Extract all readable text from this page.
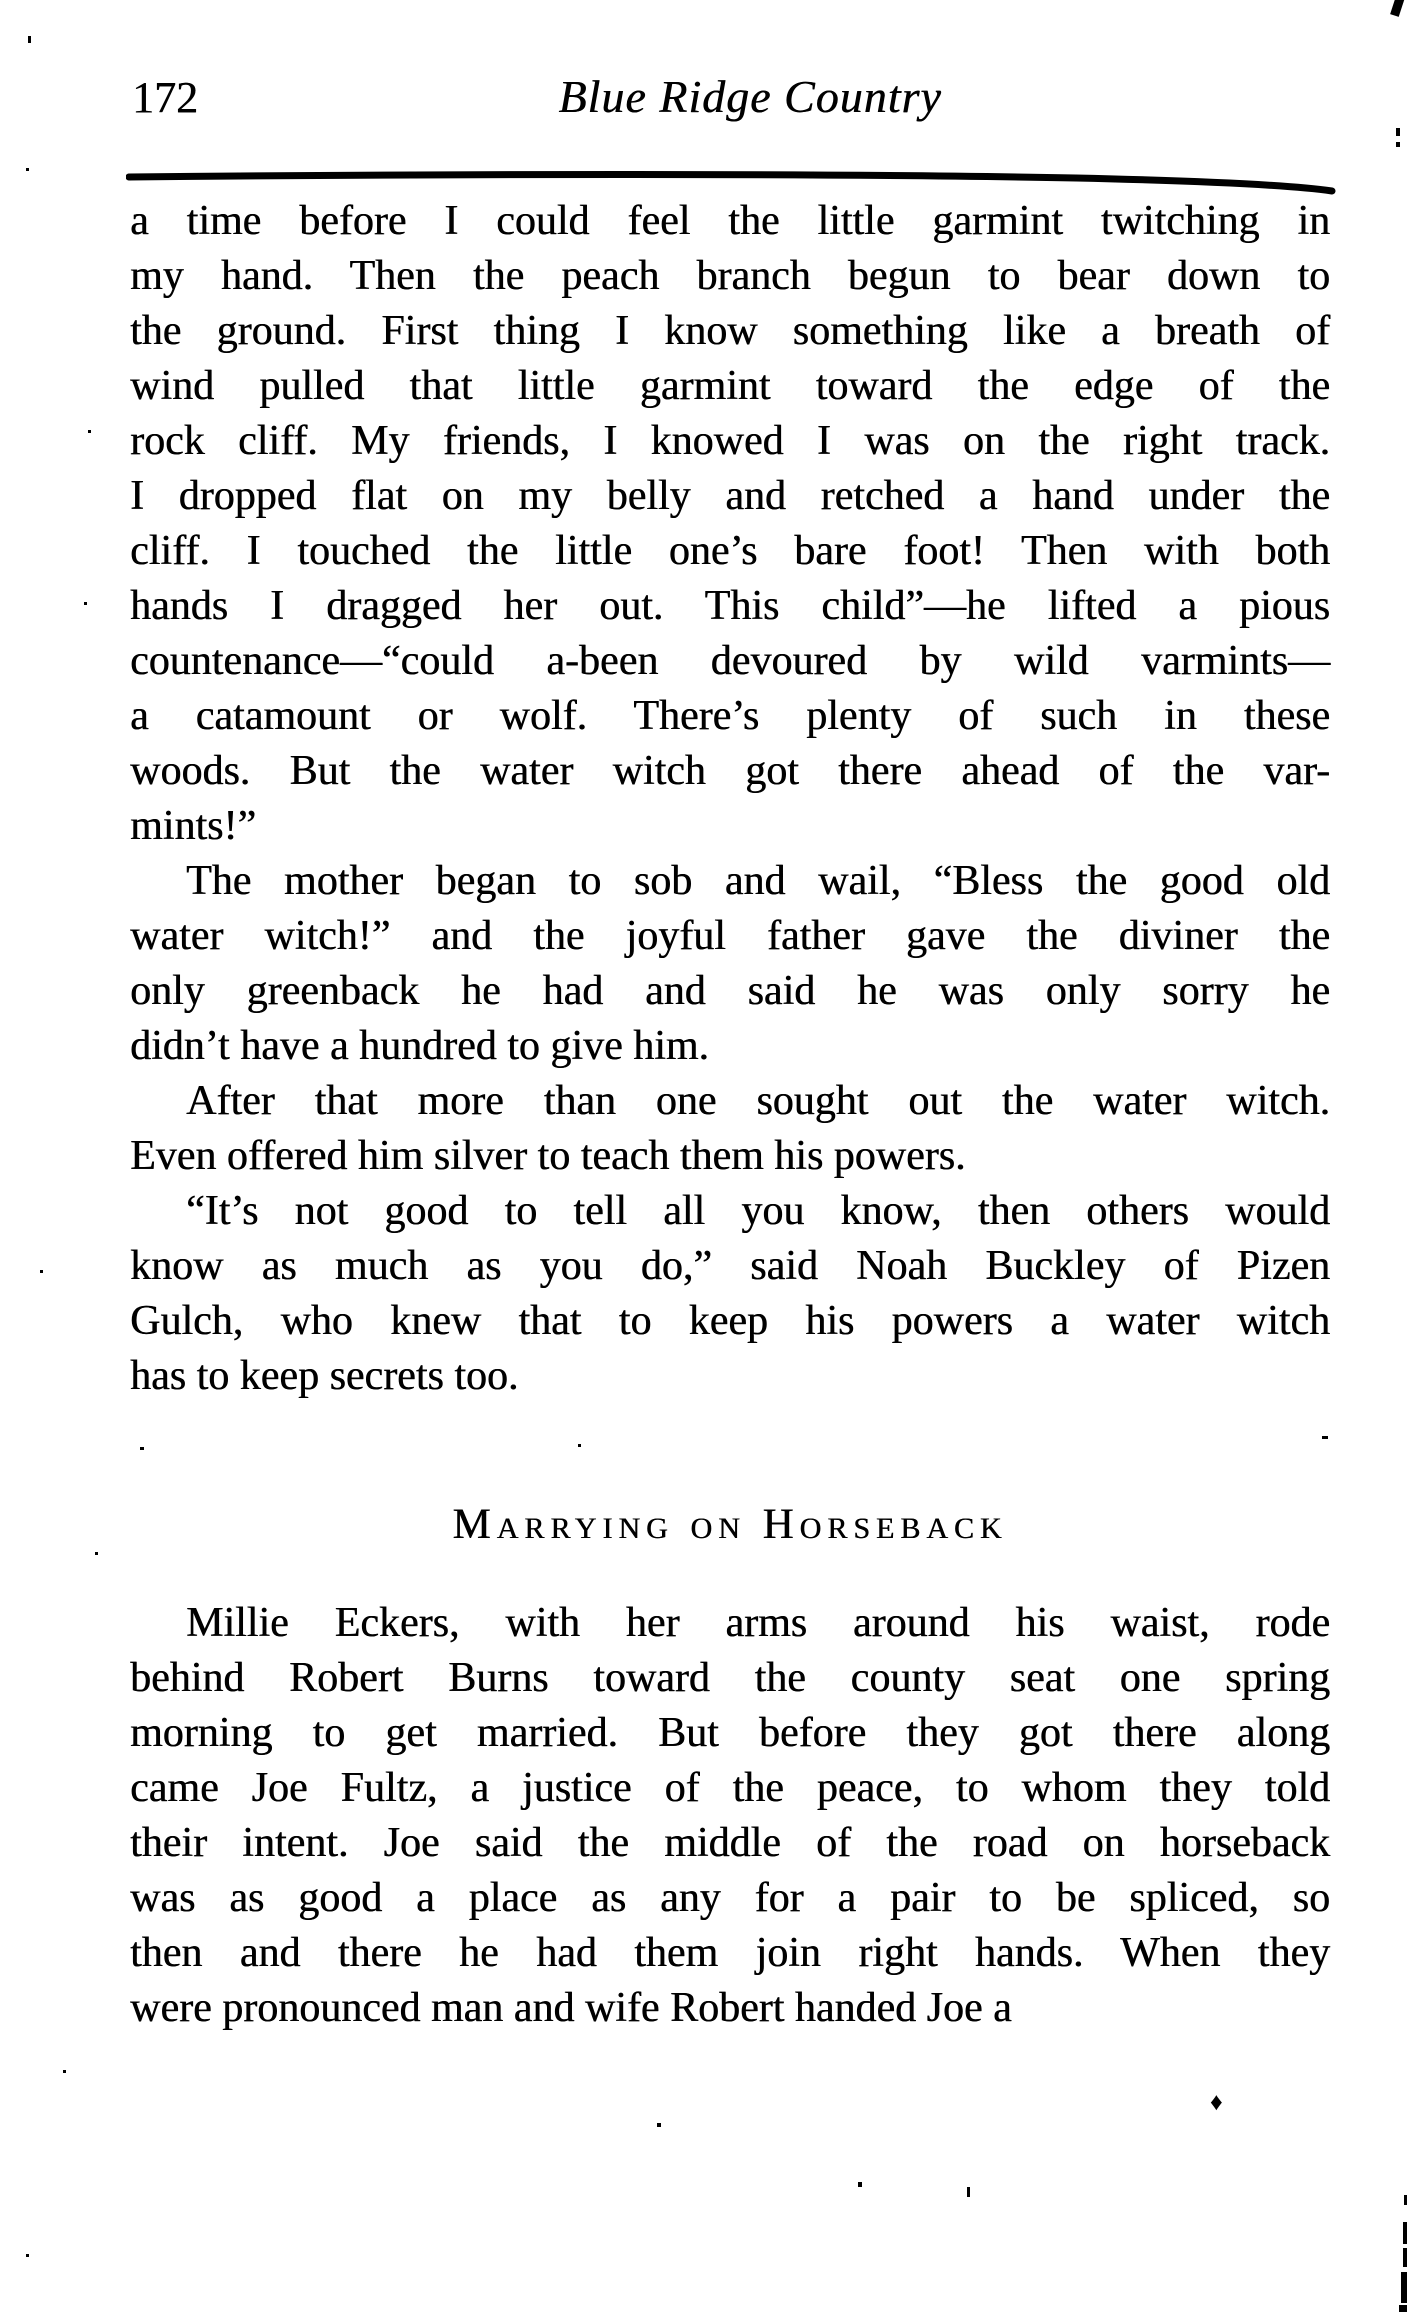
172	Blue Ridge Country
a time before I could feel the little garmint twitching in
my hand. Then the peach branch begun to bear down to
the ground. First thing I know something like a breath of
wind pulled that little garmint toward the edge of the
rock cliff. My friends, I knowed I was on the right track.
I dropped flat on my belly and retched a hand under the
cliff. I touched the little one’s bare foot! Then with both
hands I dragged her out. This child”—he lifted a pious
countenance—“could a-been devoured by wild varmints—
a catamount or wolf. There’s plenty of such in these
woods. But the water witch got there ahead of the var-
mints!”
The mother began to sob and wail, “Bless the good old
water witch!” and the joyful father gave the diviner the
only greenback he had and said he was only sorry he
didn’t have a hundred to give him.
After that more than one sought out the water witch.
Even offered him silver to teach them his powers.
“It’s not good to tell all you know, then others would
know as much as you do,” said Noah Buckley of Pizen
Gulch, who knew that to keep his powers a water witch
has to keep secrets too.
Marrying on Horseback
Millie Eckers, with her arms around his waist, rode
behind Robert Burns toward the county seat one spring
morning to get married. But before they got there along
came Joe Fultz, a justice of the peace, to whom they told
their intent. Joe said the middle of the road on horseback
was as good a place as any for a pair to be spliced, so
then and there he had them join right hands. When they
were pronounced man and wife Robert handed Joe a
♦
